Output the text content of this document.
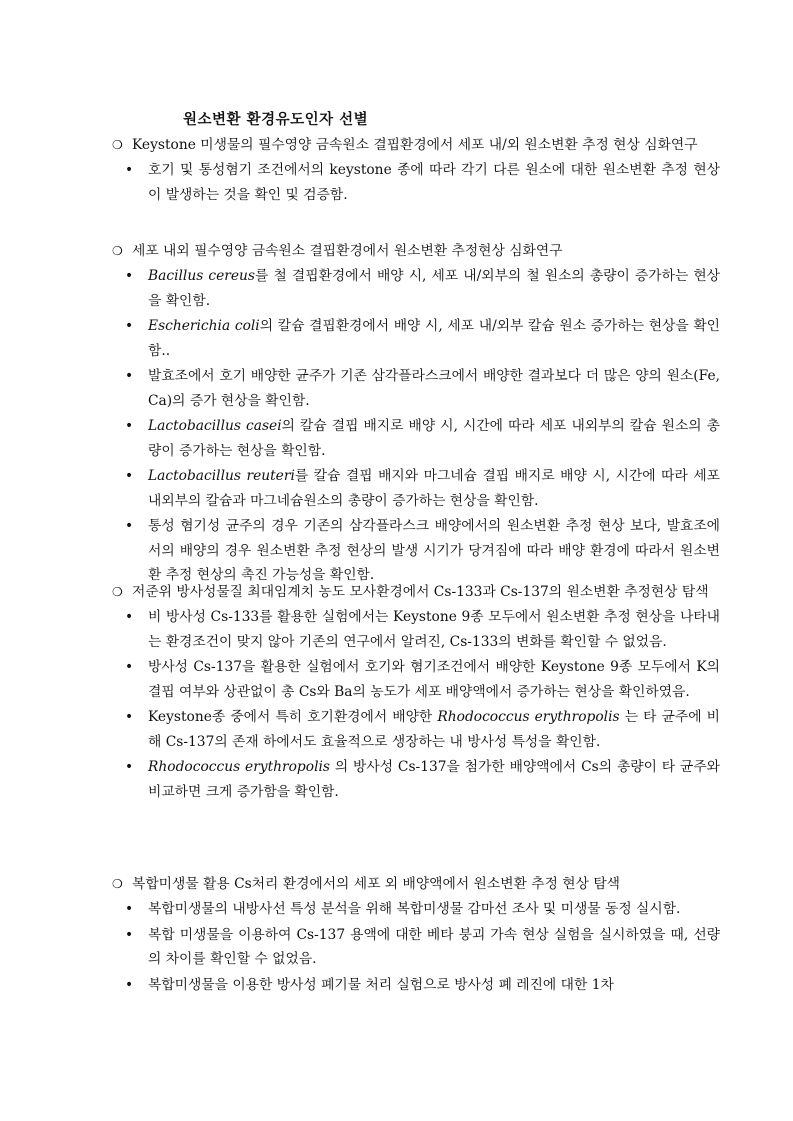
원소변환 환경유도인자 선별
❍ Keystone 미생물의 필수영양 금속원소 결핍환경에서 세포 내/외 원소변환 추정 현상 심화연구
• 호기 및 통성혐기 조건에서의 keystone 종에 따라 각기 다른 원소에 대한 원소변환 추정 현상이 발생하는 것을 확인 및 검증함.
❍ 세포 내외 필수영양 금속원소 결핍환경에서 원소변환 추정현상 심화연구
• Bacillus cereus를 철 결핍환경에서 배양 시, 세포 내/외부의 철 원소의 총량이 증가하는 현상을 확인함.
• Escherichia coli의 칼슘 결핍환경에서 배양 시, 세포 내/외부 칼슘 원소 증가하는 현상을 확인함..
• 발효조에서 호기 배양한 균주가 기존 삼각플라스크에서 배양한 결과보다 더 많은 양의 원소(Fe, Ca)의 증가 현상을 확인함.
• Lactobacillus casei의 칼슘 결핍 배지로 배양 시, 시간에 따라 세포 내외부의 칼슘 원소의 총량이 증가하는 현상을 확인함.
• Lactobacillus reuteri를 칼슘 결핍 배지와 마그네슘 결핍 배지로 배양 시, 시간에 따라 세포 내외부의 칼슘과 마그네슘원소의 총량이 증가하는 현상을 확인함.
• 통성 혐기성 균주의 경우 기존의 삼각플라스크 배양에서의 원소변환 추정 현상 보다, 발효조에서의 배양의 경우 원소변환 추정 현상의 발생 시기가 당겨짐에 따라 배양 환경에 따라서 원소변환 추정 현상의 촉진 가능성을 확인함.
❍ 저준위 방사성물질 최대임계치 농도 모사환경에서 Cs-133과 Cs-137의 원소변환 추정현상 탐색
• 비 방사성 Cs-133를 활용한 실험에서는 Keystone 9종 모두에서 원소변환 추정 현상을 나타내는 환경조건이 맞지 않아 기존의 연구에서 알려진, Cs-133의 변화를 확인할 수 없었음.
• 방사성 Cs-137을 활용한 실험에서 호기와 혐기조건에서 배양한 Keystone 9종 모두에서 K의 결핍 여부와 상관없이 총 Cs와 Ba의 농도가 세포 배양액에서 증가하는 현상을 확인하였음.
• Keystone종 중에서 특히 호기환경에서 배양한 Rhodococcus erythropolis 는 타 균주에 비해 Cs-137의 존재 하에서도 효율적으로 생장하는 내 방사성 특성을 확인함.
• Rhodococcus erythropolis 의 방사성 Cs-137을 첨가한 배양액에서 Cs의 총량이 타 균주와 비교하면 크게 증가함을 확인함.
❍ 복합미생물 활용 Cs처리 환경에서의 세포 외 배양액에서 원소변환 추정 현상 탐색
• 복합미생물의 내방사선 특성 분석을 위해 복합미생물 감마선 조사 및 미생물 동정 실시함.
• 복합 미생물을 이용하여 Cs-137 용액에 대한 베타 붕괴 가속 현상 실험을 실시하였을 때, 선량의 차이를 확인할 수 없었음.
• 복합미생물을 이용한 방사성 폐기물 처리 실험으로 방사성 폐 레진에 대한 1차
